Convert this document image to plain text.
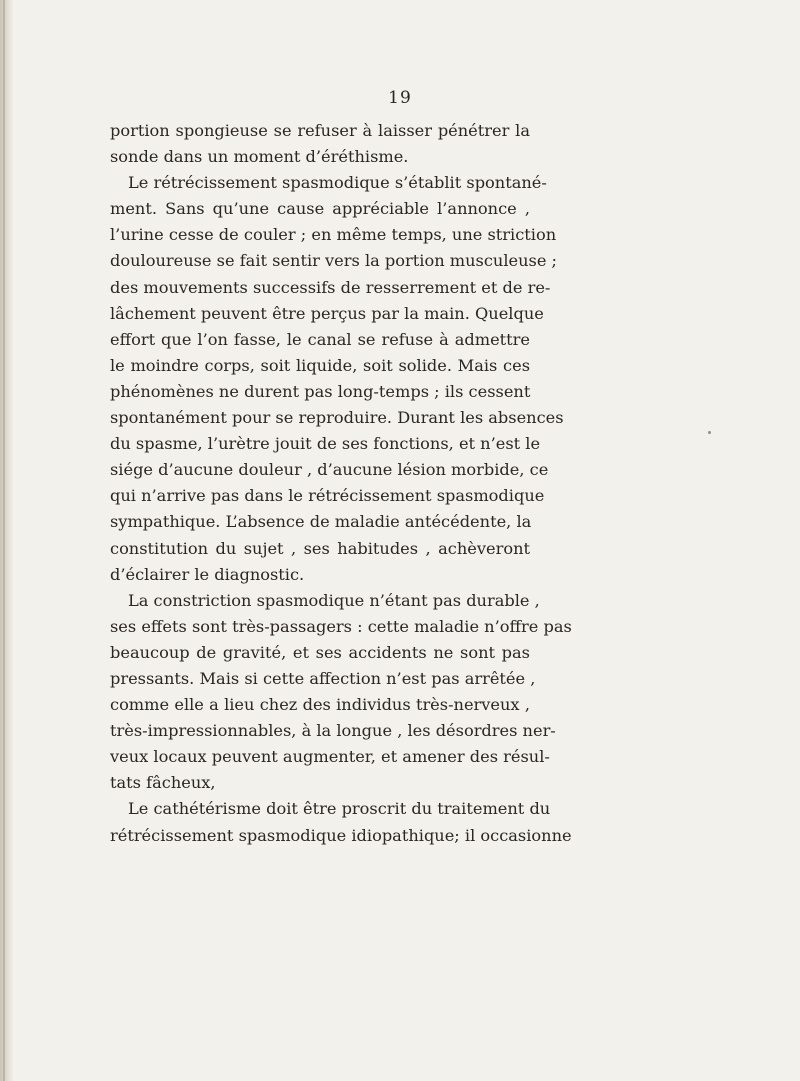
19
portion spongieuse se refuser à laisser pénétrer la
sonde dans un moment d’éréthisme.
Le rétrécissement spasmodique s’établit spontané-
ment. Sans qu’une cause appréciable l’annonce ,
l’urine cesse de couler ; en même temps, une striction
douloureuse se fait sentir vers la portion musculeuse ;
des mouvements successifs de resserrement et de re-
lâchement peuvent être perçus par la main. Quelque
effort que l’on fasse, le canal se refuse à admettre
le moindre corps, soit liquide, soit solide. Mais ces
phénomènes ne durent pas long-temps ; ils cessent
spontanément pour se reproduire. Durant les absences
du spasme, l’urètre jouit de ses fonctions, et n’est le
siége d’aucune douleur , d’aucune lésion morbide, ce
qui n’arrive pas dans le rétrécissement spasmodique
sympathique. L’absence de maladie antécédente, la
constitution du sujet , ses habitudes , achèveront
d’éclairer le diagnostic.
La constriction spasmodique n’étant pas durable ,
ses effets sont très-passagers : cette maladie n’offre pas
beaucoup de gravité, et ses accidents ne sont pas
pressants. Mais si cette affection n’est pas arrêtée ,
comme elle a lieu chez des individus très-nerveux ,
très-impressionnables, à la longue , les désordres ner-
veux locaux peuvent augmenter, et amener des résul-
tats fâcheux,
Le cathétérisme doit être proscrit du traitement du
rétrécissement spasmodique idiopathique; il occasionne
